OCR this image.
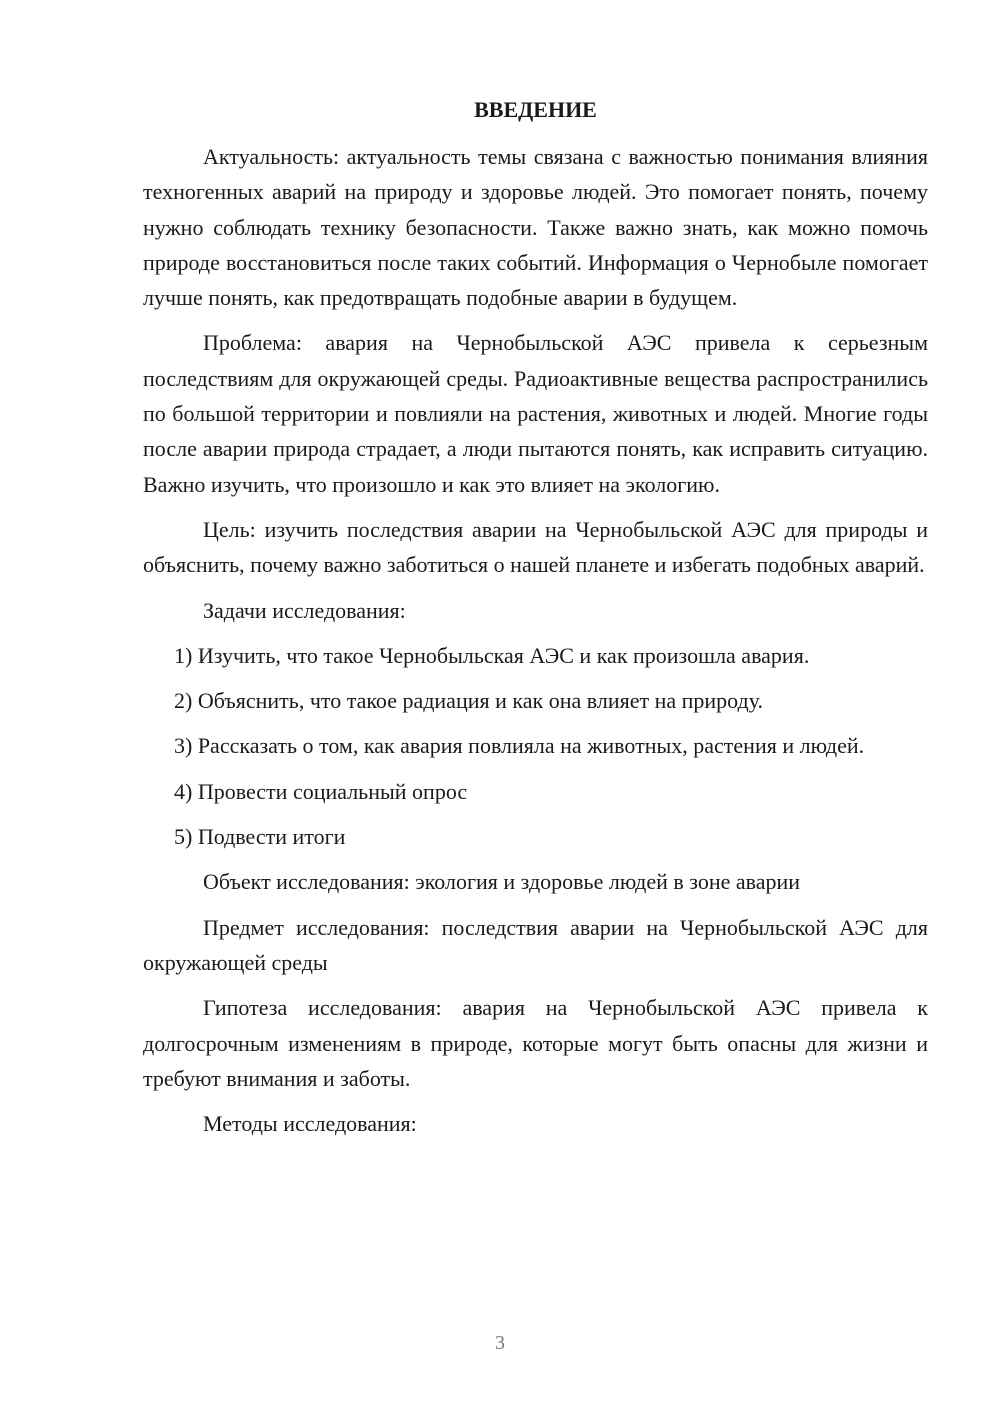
ВВЕДЕНИЕ

Актуальность: актуальность темы связана с важностью понимания влияния техногенных аварий на природу и здоровье людей. Это помогает понять, почему нужно соблюдать технику безопасности. Также важно знать, как можно помочь природе восстановиться после таких событий. Информация о Чернобыле помогает лучше понять, как предотвращать подобные аварии в будущем.

Проблема: авария на Чернобыльской АЭС привела к серьезным последствиям для окружающей среды. Радиоактивные вещества распространились по большой территории и повлияли на растения, животных и людей. Многие годы после аварии природа страдает, а люди пытаются понять, как исправить ситуацию. Важно изучить, что произошло и как это влияет на экологию.

Цель: изучить последствия аварии на Чернобыльской АЭС для природы и объяснить, почему важно заботиться о нашей планете и избегать подобных аварий.

Задачи исследования:

1) Изучить, что такое Чернобыльская АЭС и как произошла авария.

2) Объяснить, что такое радиация и как она влияет на природу.

3) Рассказать о том, как авария повлияла на животных, растения и людей.

4) Провести социальный опрос

5) Подвести итоги

Объект исследования: экология и здоровье людей в зоне аварии

Предмет исследования: последствия аварии на Чернобыльской АЭС для окружающей среды

Гипотеза исследования: авария на Чернобыльской АЭС привела к долгосрочным изменениям в природе, которые могут быть опасны для жизни и требуют внимания и заботы.

Методы исследования:

3
